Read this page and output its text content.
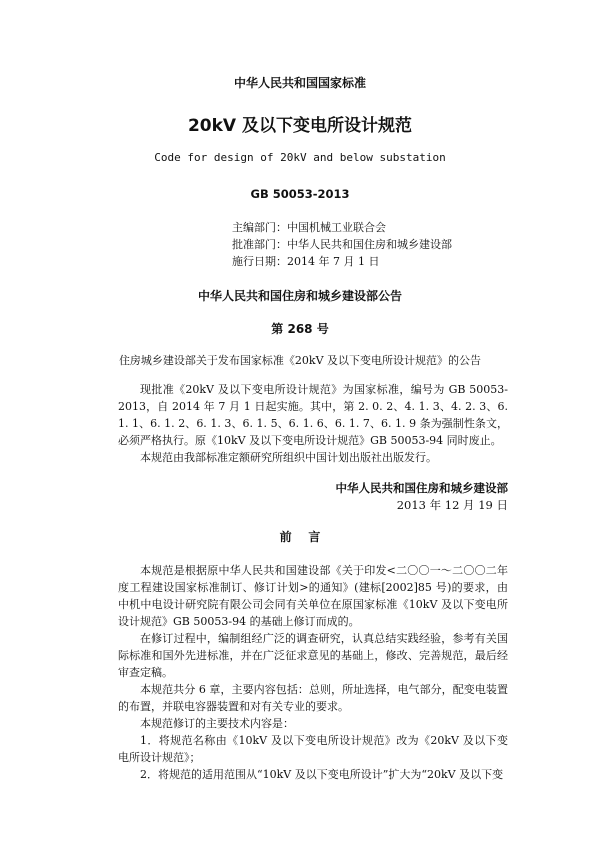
中华人民共和国国家标准
20kV 及以下变电所设计规范
Code for design of 20kV and below substation
GB 50053-2013
主编部门：中国机械工业联合会
批准部门：中华人民共和国住房和城乡建设部
施行日期：2014 年 7 月 1 日
中华人民共和国住房和城乡建设部公告
第 268 号
住房城乡建设部关于发布国家标准《20kV 及以下变电所设计规范》的公告
现批准《20kV 及以下变电所设计规范》为国家标准，编号为 GB 50053-2013，自 2014 年 7 月 1 日起实施。其中，第 2. 0. 2、4. 1. 3、4. 2. 3、6. 1. 1、6. 1. 2、6. 1. 3、6. 1. 5、6. 1. 6、6. 1. 7、6. 1. 9 条为强制性条文，必须严格执行。原《10kV 及以下变电所设计规范》GB 50053-94 同时废止。
本规范由我部标准定额研究所组织中国计划出版社出版发行。
中华人民共和国住房和城乡建设部
2013 年 12 月 19 日
前    言
本规范是根据原中华人民共和国建设部《关于印发<二〇〇一～二〇〇二年度工程建设国家标准制订、修订计划>的通知》(建标[2002]85 号)的要求，由中机中电设计研究院有限公司会同有关单位在原国家标准《10kV 及以下变电所设计规范》GB 50053-94 的基础上修订而成的。
在修订过程中，编制组经广泛的调查研究，认真总结实践经验，参考有关国际标准和国外先进标准，并在广泛征求意见的基础上，修改、完善规范，最后经审查定稿。
本规范共分 6 章，主要内容包括：总则，所址选择，电气部分，配变电装置的布置，并联电容器装置和对有关专业的要求。
本规范修订的主要技术内容是：
1．将规范名称由《10kV 及以下变电所设计规范》改为《20kV 及以下变电所设计规范》；
2．将规范的适用范围从“10kV 及以下变电所设计”扩大为“20kV 及以下变
